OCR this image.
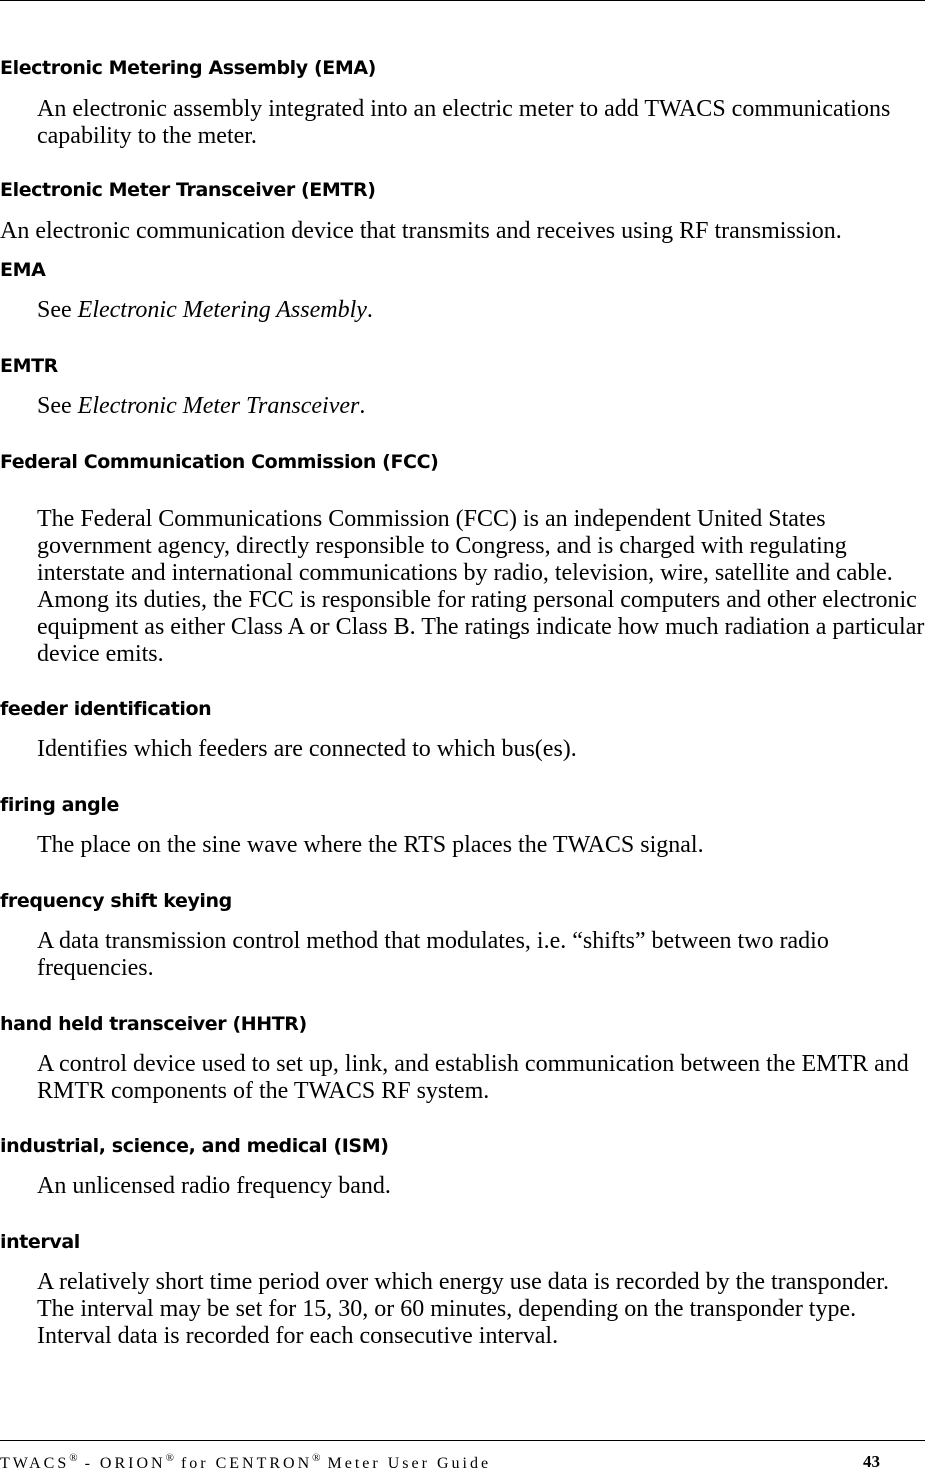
Electronic Metering Assembly (EMA)

An electronic assembly integrated into an electric meter to add TWACS communications capability to the meter.

Electronic Meter Transceiver (EMTR)

An electronic communication device that transmits and receives using RF transmission.

EMA

See Electronic Metering Assembly.

EMTR

See Electronic Meter Transceiver.

Federal Communication Commission (FCC)

The Federal Communications Commission (FCC) is an independent United States government agency, directly responsible to Congress, and is charged with regulating interstate and international communications by radio, television, wire, satellite and cable. Among its duties, the FCC is responsible for rating personal computers and other electronic equipment as either Class A or Class B. The ratings indicate how much radiation a particular device emits.

feeder identification

Identifies which feeders are connected to which bus(es).

firing angle

The place on the sine wave where the RTS places the TWACS signal.

frequency shift keying

A data transmission control method that modulates, i.e. “shifts” between two radio frequencies.

hand held transceiver (HHTR)

A control device used to set up, link, and establish communication between the EMTR and RMTR components of the TWACS RF system.

industrial, science, and medical (ISM)

An unlicensed radio frequency band.

interval

A relatively short time period over which energy use data is recorded by the transponder. The interval may be set for 15, 30, or 60 minutes, depending on the transponder type. Interval data is recorded for each consecutive interval.

TWACS® - ORION® for CENTRON® Meter User Guide	43
